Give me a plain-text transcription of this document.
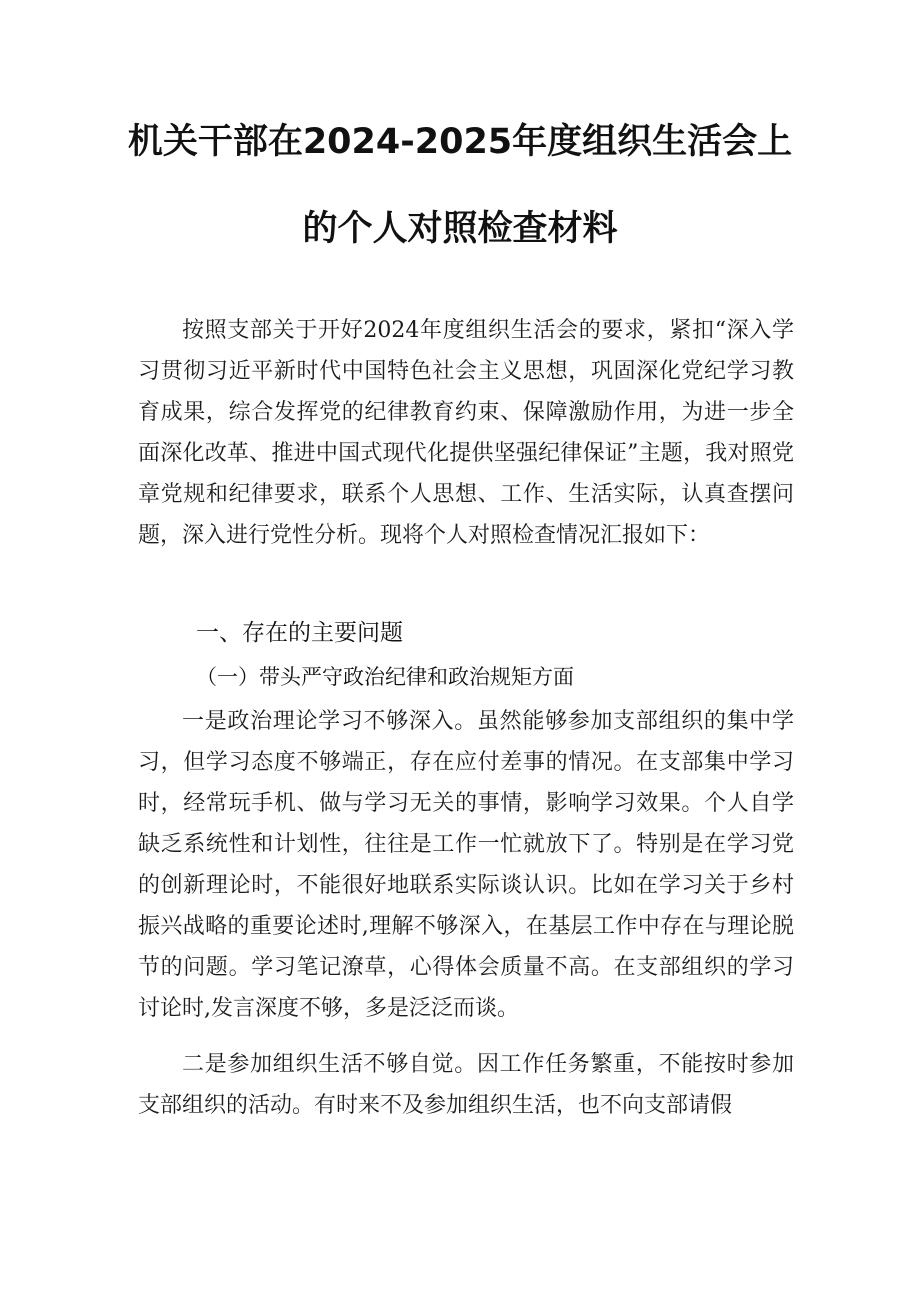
机关干部在2024-2025年度组织生活会上
的个人对照检查材料

按照支部关于开好2024年度组织生活会的要求，紧扣“深入学习贯彻习近平新时代中国特色社会主义思想，巩固深化党纪学习教育成果，综合发挥党的纪律教育约束、保障激励作用，为进一步全面深化改革、推进中国式现代化提供坚强纪律保证”主题，我对照党章党规和纪律要求，联系个人思想、工作、生活实际，认真查摆问题，深入进行党性分析。现将个人对照检查情况汇报如下：

一、存在的主要问题
（一）带头严守政治纪律和政治规矩方面

一是政治理论学习不够深入。虽然能够参加支部组织的集中学习，但学习态度不够端正，存在应付差事的情况。在支部集中学习时，经常玩手机、做与学习无关的事情，影响学习效果。个人自学缺乏系统性和计划性，往往是工作一忙就放下了。特别是在学习党的创新理论时，不能很好地联系实际谈认识。比如在学习关于乡村振兴战略的重要论述时,理解不够深入，在基层工作中存在与理论脱节的问题。学习笔记潦草，心得体会质量不高。在支部组织的学习讨论时,发言深度不够，多是泛泛而谈。

二是参加组织生活不够自觉。因工作任务繁重，不能按时参加支部组织的活动。有时来不及参加组织生活，也不向支部请假
